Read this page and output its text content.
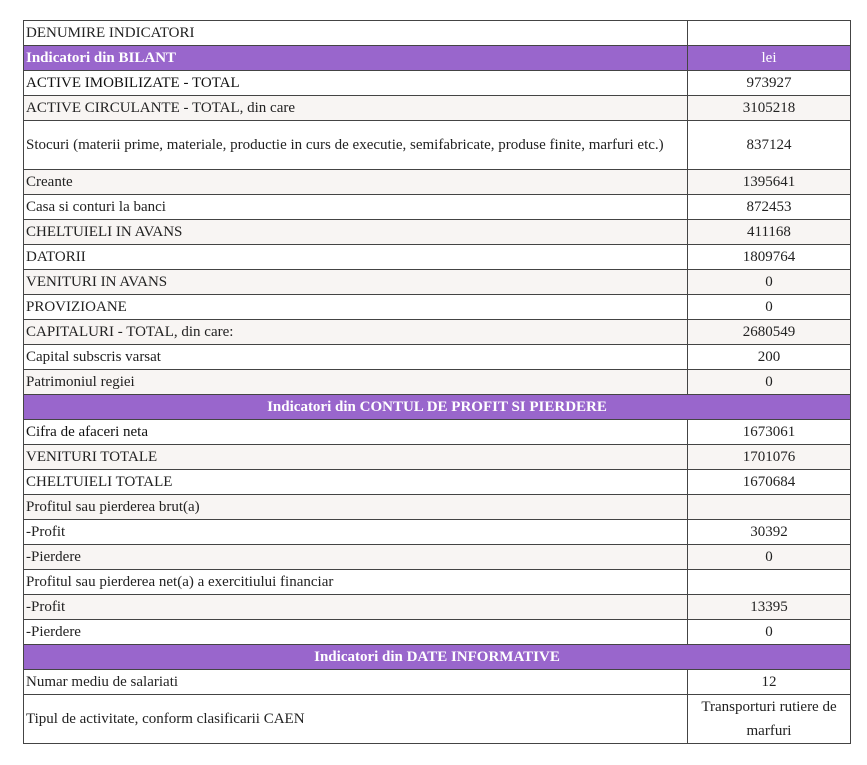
DENUMIRE INDICATORI	
Indicatori din BILANT	lei
ACTIVE IMOBILIZATE - TOTAL	973927
ACTIVE CIRCULANTE - TOTAL, din care	3105218
Stocuri (materii prime, materiale, productie in curs de executie, semifabricate, produse finite, marfuri etc.)	837124
Creante	1395641
Casa si conturi la banci	872453
CHELTUIELI IN AVANS	411168
DATORII	1809764
VENITURI IN AVANS	0
PROVIZIOANE	0
CAPITALURI - TOTAL, din care:	2680549
Capital subscris varsat	200
Patrimoniul regiei	0
Indicatori din CONTUL DE PROFIT SI PIERDERE	
Cifra de afaceri neta	1673061
VENITURI TOTALE	1701076
CHELTUIELI TOTALE	1670684
Profitul sau pierderea brut(a)	
-Profit	30392
-Pierdere	0
Profitul sau pierderea net(a) a exercitiului financiar	
-Profit	13395
-Pierdere	0
Indicatori din DATE INFORMATIVE	
Numar mediu de salariati	12
Tipul de activitate, conform clasificarii CAEN	Transporturi rutiere de marfuri
